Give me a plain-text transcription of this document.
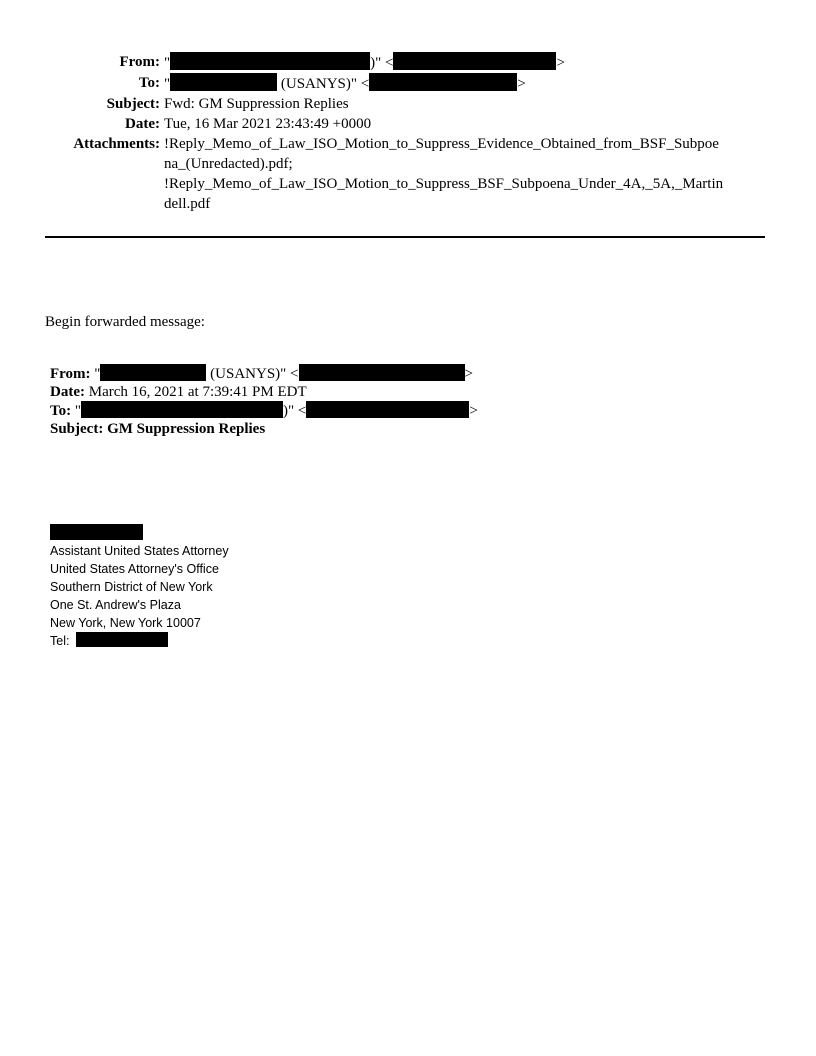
From: "	)" <	>
To: "	(USANYS)" <	>
Subject: Fwd: GM Suppression Replies
Date: Tue, 16 Mar 2021 23:43:49 +0000
Attachments: !Reply_Memo_of_Law_ISO_Motion_to_Suppress_Evidence_Obtained_from_BSF_Subpoe
na_(Unredacted).pdf;
!Reply_Memo_of_Law_ISO_Motion_to_Suppress_BSF_Subpoena_Under_4A,_5A,_Martin
dell.pdf
Begin forwarded message:
From: "	(USANYS)" <	>
Date: March 16, 2021 at 7:39:41 PM EDT
To: "	)" <	>
Subject: GM Suppression Replies
Assistant United States Attorney
United States Attorney's Office
Southern District of New York
One St. Andrew's Plaza
New York, New York 10007
Tel:
